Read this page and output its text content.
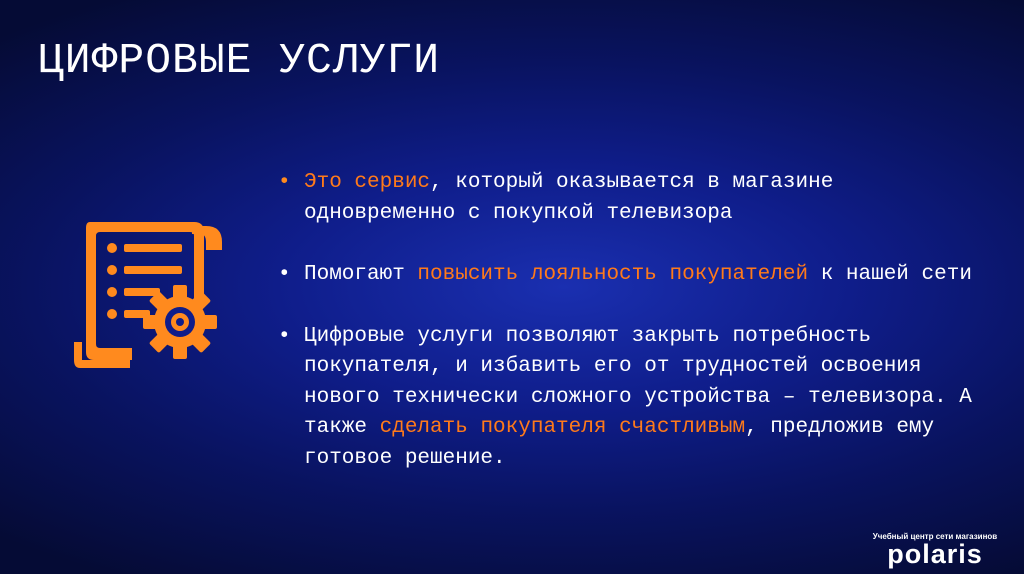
ЦИФРОВЫЕ УСЛУГИ
• Это сервис, который оказывается в магазине одновременно с покупкой телевизора
• Помогают повысить лояльность покупателей к нашей сети
• Цифровые услуги позволяют закрыть потребность покупателя, и избавить его от трудностей освоения нового технически сложного устройства – телевизора. А также сделать покупателя счастливым, предложив ему готовое решение.
Учебный центр сети магазинов
polaris
